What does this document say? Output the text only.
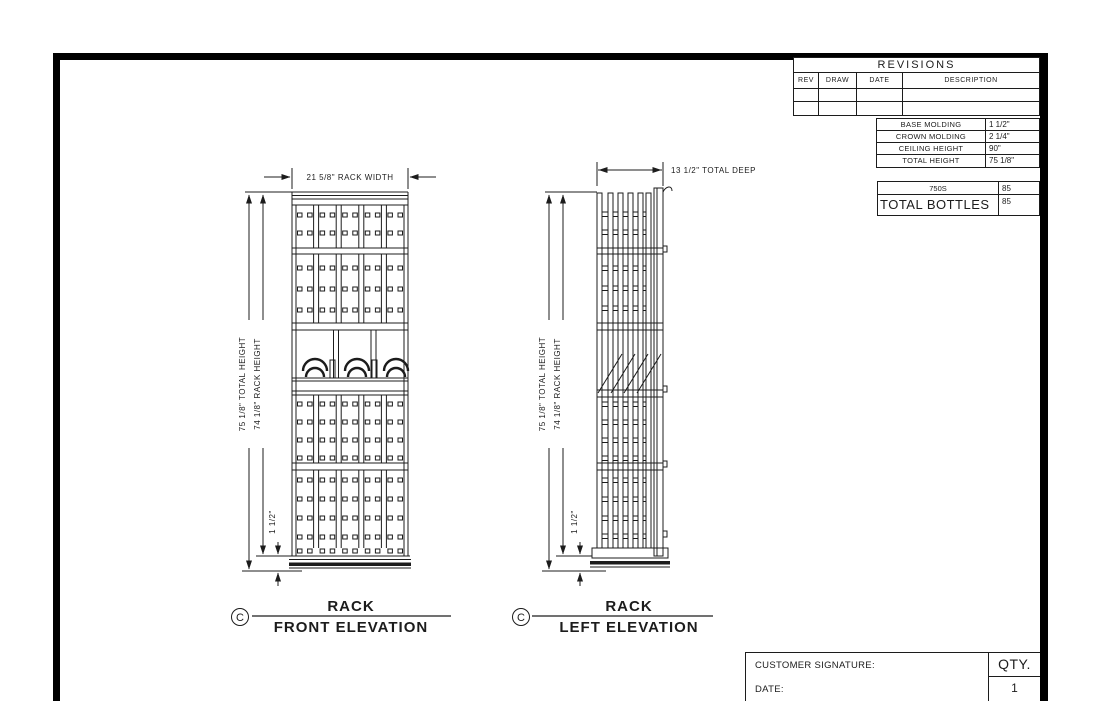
21 5/8" RACK WIDTH
75 1/8" TOTAL HEIGHT 74 1/8" RACK HEIGHT
1 1/2"
13 1/2" TOTAL DEEP
75 1/8" TOTAL HEIGHT 74 1/8" RACK HEIGHT
1 1/2"
C
RACK
FRONT ELEVATION
C
RACK
LEFT ELEVATION
REVISIONS
REV	DRAW	DATE	DESCRIPTION
BASE MOLDING	1 1/2"
CROWN MOLDING	2 1/4"
CEILING HEIGHT	90"
TOTAL HEIGHT	75 1/8"
750S	85
TOTAL BOTTLES	85
CUSTOMER SIGNATURE:
DATE:
QTY.
1
